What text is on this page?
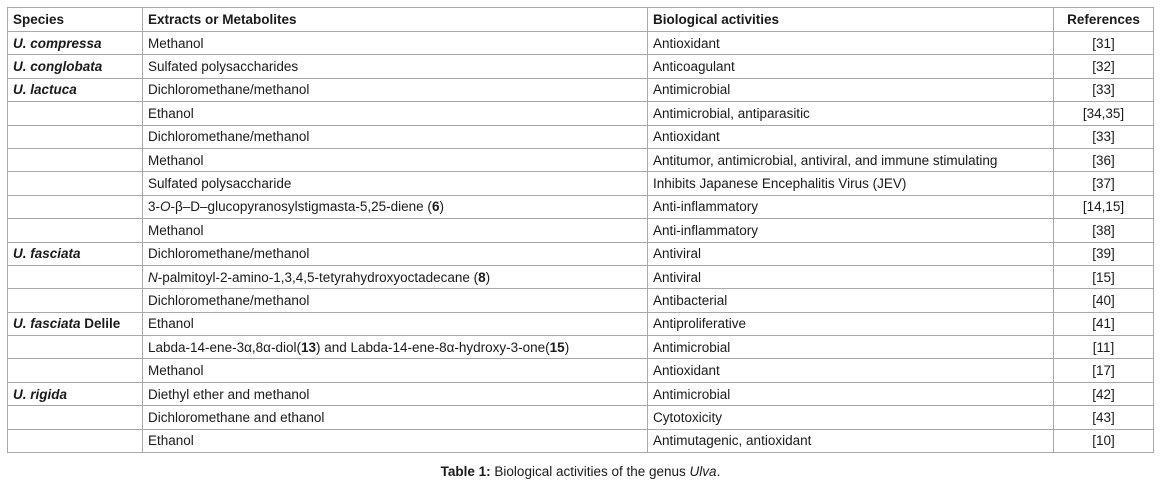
Species	Extracts or Metabolites	Biological activities	References
U. compressa	Methanol	Antioxidant	[31]
U. conglobata	Sulfated polysaccharides	Anticoagulant	[32]
U. lactuca	Dichloromethane/methanol	Antimicrobial	[33]
	Ethanol	Antimicrobial, antiparasitic	[34,35]
	Dichloromethane/methanol	Antioxidant	[33]
	Methanol	Antitumor, antimicrobial, antiviral, and immune stimulating	[36]
	Sulfated polysaccharide	Inhibits Japanese Encephalitis Virus (JEV)	[37]
	3-O-β–D–glucopyranosylstigmasta-5,25-diene (6)	Anti-inflammatory	[14,15]
	Methanol	Anti-inflammatory	[38]
U. fasciata	Dichloromethane/methanol	Antiviral	[39]
	N-palmitoyl-2-amino-1,3,4,5-tetyrahydroxyoctadecane (8)	Antiviral	[15]
	Dichloromethane/methanol	Antibacterial	[40]
U. fasciata Delile	Ethanol	Antiproliferative	[41]
	Labda-14-ene-3α,8α-diol(13) and Labda-14-ene-8α-hydroxy-3-one(15)	Antimicrobial	[11]
	Methanol	Antioxidant	[17]
U. rigida	Diethyl ether and methanol	Antimicrobial	[42]
	Dichloromethane and ethanol	Cytotoxicity	[43]
	Ethanol	Antimutagenic, antioxidant	[10]
Table 1: Biological activities of the genus Ulva.
